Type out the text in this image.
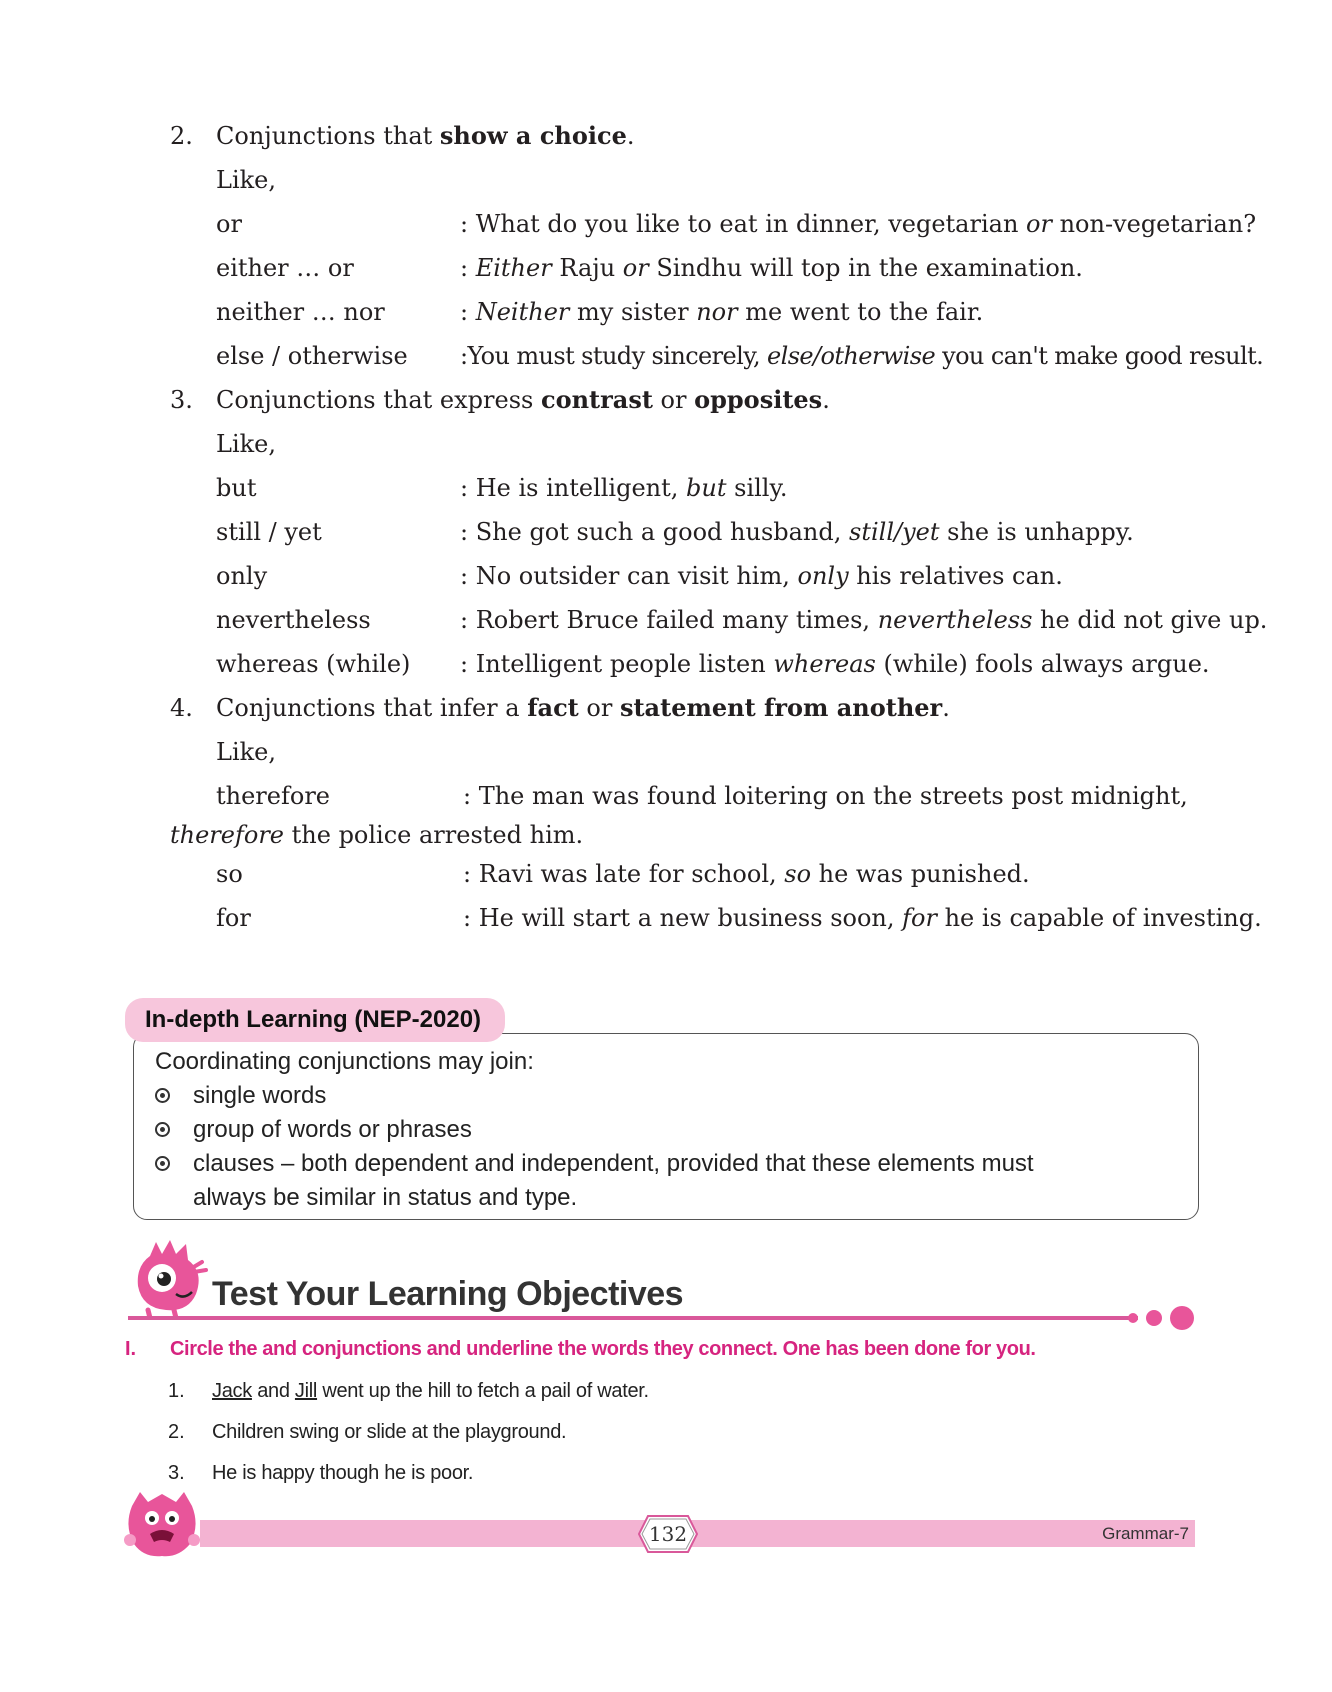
2. Conjunctions that show a choice.
Like,
or	: What do you like to eat in dinner, vegetarian or non-vegetarian?
either … or	: Either Raju or Sindhu will top in the examination.
neither … nor	: Neither my sister nor me went to the fair.
else / otherwise :You must study sincerely, else/otherwise you can't make good result.
3. Conjunctions that express contrast or opposites.
Like,
but	: He is intelligent, but silly.
still / yet	: She got such a good husband, still/yet she is unhappy.
only	: No outsider can visit him, only his relatives can.
nevertheless	: Robert Bruce failed many times, nevertheless he did not give up.
whereas (while) : Intelligent people listen whereas (while) fools always argue.
4. Conjunctions that infer a fact or statement from another.
Like,
therefore	: The man was found loitering on the streets post midnight,
therefore the police arrested him.
so	: Ravi was late for school, so he was punished.
for	: He will start a new business soon, for he is capable of investing.
In-depth Learning (NEP-2020)
Coordinating conjunctions may join:
single words
group of words or phrases
clauses – both dependent and independent, provided that these elements must
always be similar in status and type.
Test Your Learning Objectives
I. Circle the and conjunctions and underline the words they connect. One has been done for you.
1. Jack and Jill went up the hill to fetch a pail of water.
2. Children swing or slide at the playground.
3. He is happy though he is poor.
132	Grammar-7
